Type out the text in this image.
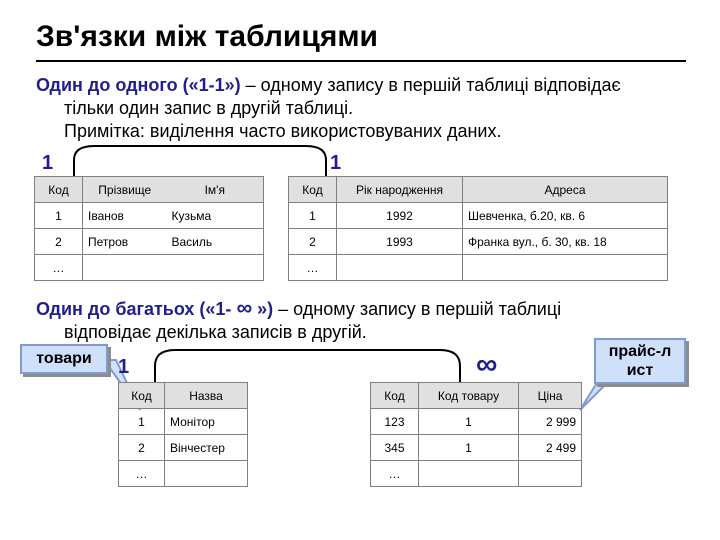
Зв'язки між таблицями
Один до одного («1-1») – одному запису в першій таблиці відповідає
тільки один запис в другій таблиці.
Примітка: виділення часто використовуваних даних.
1	1
Код	Прізвище	Ім'я
1	Іванов	Кузьма
2	Петров	Василь
…		
Код	Рік народження	Адреса
1	1992	Шевченка, б.20, кв. 6
2	1993	Франка вул., б. 30, кв. 18
…		
Один до багатьох («1- ∞ ») – одному запису в першій таблиці
відповідає декілька записів в другій.
1	∞
товари	прайс-л
ист
Код	Назва
1	Монітор
2	Вінчестер
…	
Код	Код товару	Ціна
123	1	2 999
345	1	2 499
…		
